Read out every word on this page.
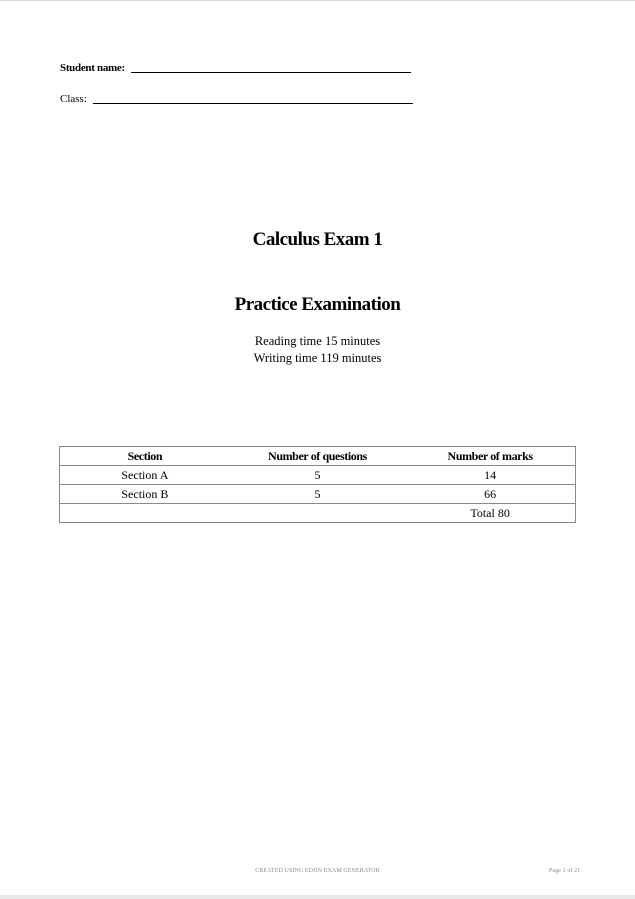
Student name:
Class:
Calculus Exam 1
Practice Examination
Reading time 15 minutes
Writing time 119 minutes
Section	Number of questions	Number of marks
Section A	5	14
Section B	5	66
		Total 80
CREATED USING EDJIN EXAM GENERATOR	Page 1 of 21
